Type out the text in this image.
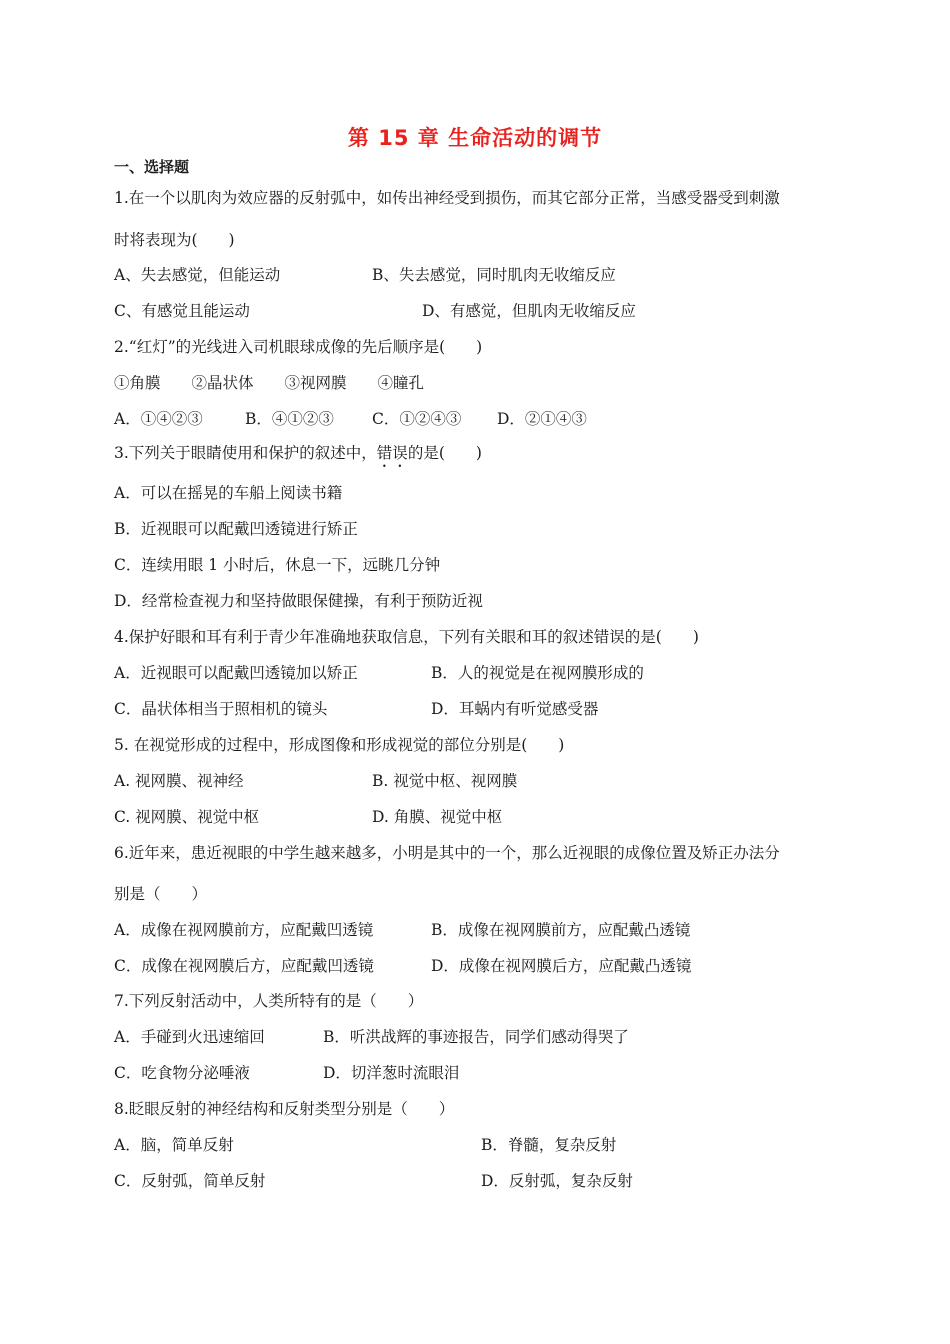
第 15 章 生命活动的调节
一、选择题
1.在一个以肌肉为效应器的反射弧中，如传出神经受到损伤，而其它部分正常，当感受器受到刺激
时将表现为(　　)
A、失去感觉，但能运动	B、失去感觉，同时肌肉无收缩反应
C、有感觉且能运动	D、有感觉，但肌肉无收缩反应
2.“红灯”的光线进入司机眼球成像的先后顺序是(　　)
①角膜　　②晶状体　　③视网膜　　④瞳孔
A．①④②③	B．④①②③ C．①②④③ D．②①④③
3.下列关于眼睛使用和保护的叙述中，错误的是(　　)
A．可以在摇晃的车船上阅读书籍
B．近视眼可以配戴凹透镜进行矫正
C．连续用眼 1 小时后，休息一下，远眺几分钟
D．经常检查视力和坚持做眼保健操，有利于预防近视
4.保护好眼和耳有利于青少年准确地获取信息，下列有关眼和耳的叙述错误的是(　　)
A．近视眼可以配戴凹透镜加以矫正	B．人的视觉是在视网膜形成的
C．晶状体相当于照相机的镜头	D．耳蜗内有听觉感受器
5. 在视觉形成的过程中，形成图像和形成视觉的部位分别是(　　)
A. 视网膜、视神经	B. 视觉中枢、视网膜
C. 视网膜、视觉中枢	D. 角膜、视觉中枢
6.近年来，患近视眼的中学生越来越多，小明是其中的一个，那么近视眼的成像位置及矫正办法分
别是（　　）
A．成像在视网膜前方，应配戴凹透镜	B．成像在视网膜前方，应配戴凸透镜
C．成像在视网膜后方，应配戴凹透镜	D．成像在视网膜后方，应配戴凸透镜
7.下列反射活动中，人类所特有的是（　　）
A．手碰到火迅速缩回	B．听洪战辉的事迹报告，同学们感动得哭了
C．吃食物分泌唾液	D．切洋葱时流眼泪
8.眨眼反射的神经结构和反射类型分别是（　　）
A．脑，简单反射	B．脊髓，复杂反射
C．反射弧，简单反射	D．反射弧，复杂反射
